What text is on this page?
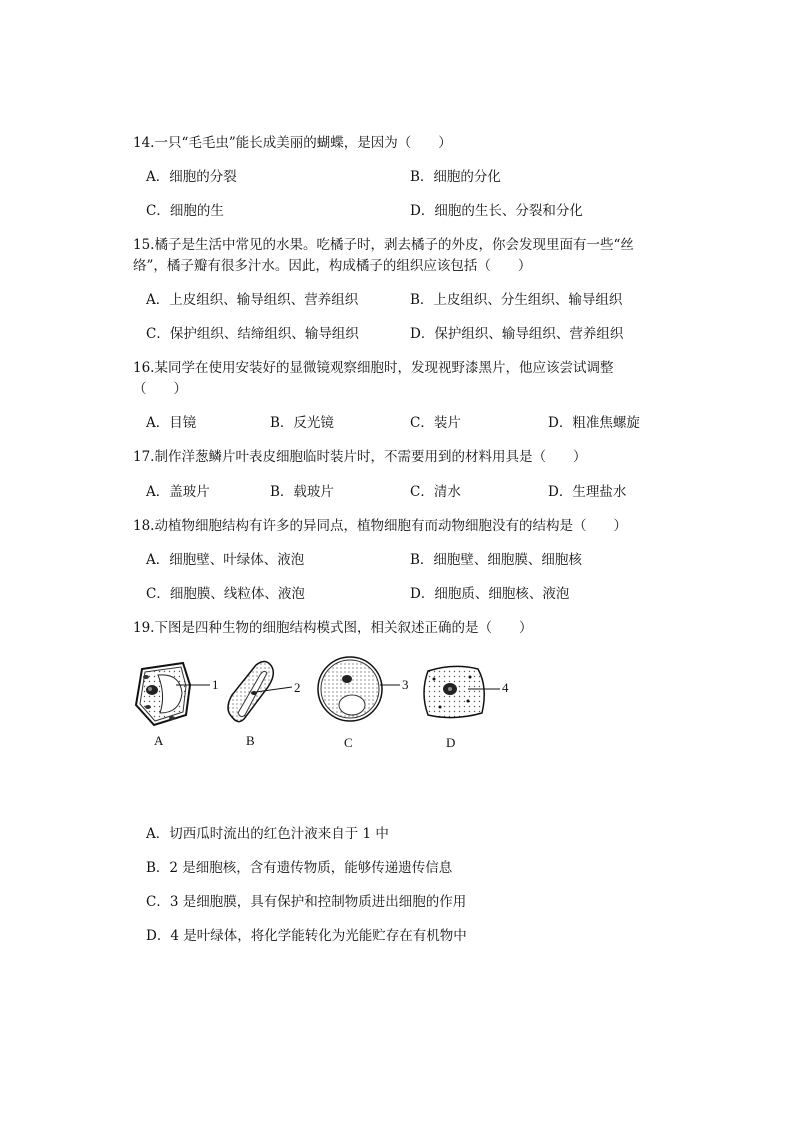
14.一只“毛毛虫”能长成美丽的蝴蝶，是因为（　　）
A．细胞的分裂	B．细胞的分化
C．细胞的生	D．细胞的生长、分裂和分化
15.橘子是生活中常见的水果。吃橘子时，剥去橘子的外皮，你会发现里面有一些“丝
络”，橘子瓣有很多汁水。因此，构成橘子的组织应该包括（　　）
A．上皮组织、输导组织、营养组织	B．上皮组织、分生组织、输导组织
C．保护组织、结缔组织、输导组织	D．保护组织、输导组织、营养组织
16.某同学在使用安装好的显微镜观察细胞时，发现视野漆黑片，他应该尝试调整
（　　）
A．目镜	B．反光镜	C．装片	D．粗准焦螺旋
17.制作洋葱鳞片叶表皮细胞临时装片时，不需要用到的材料用具是（　　）
A．盖玻片	B．载玻片	C．清水	D．生理盐水
18.动植物细胞结构有许多的异同点，植物细胞有而动物细胞没有的结构是（　　）
A．细胞壁、叶绿体、液泡	B．细胞壁、细胞膜、细胞核
C．细胞膜、线粒体、液泡	D．细胞质、细胞核、液泡
19.下图是四种生物的细胞结构模式图，相关叙述正确的是（　　）
1	2	3	4
A	B	C	D
A．切西瓜时流出的红色汁液来自于 1 中
B．2 是细胞核，含有遗传物质，能够传递遗传信息
C．3 是细胞膜，具有保护和控制物质进出细胞的作用
D．4 是叶绿体，将化学能转化为光能贮存在有机物中
